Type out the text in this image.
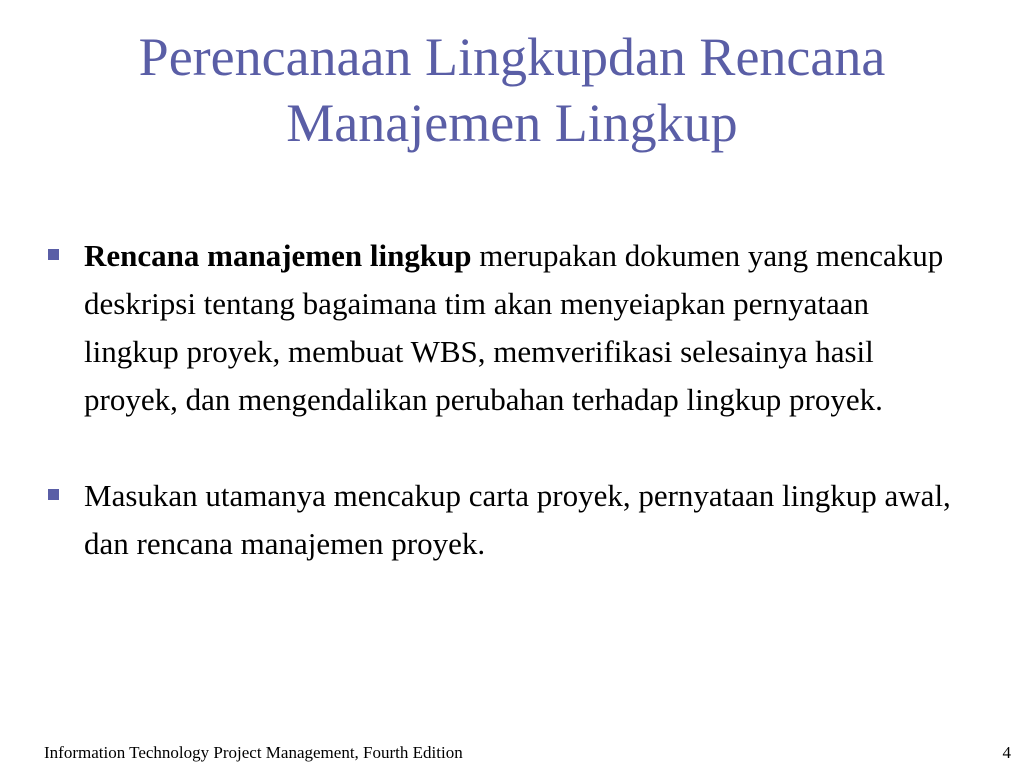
Perencanaan Lingkupdan Rencana Manajemen Lingkup
Rencana manajemen lingkup merupakan dokumen yang mencakup deskripsi tentang bagaimana tim akan menyeiapkan pernyataan lingkup proyek, membuat WBS, memverifikasi selesainya hasil proyek, dan mengendalikan perubahan terhadap lingkup proyek.
Masukan utamanya mencakup carta proyek, pernyataan lingkup awal, dan rencana manajemen proyek.
Information Technology Project Management, Fourth Edition	4
